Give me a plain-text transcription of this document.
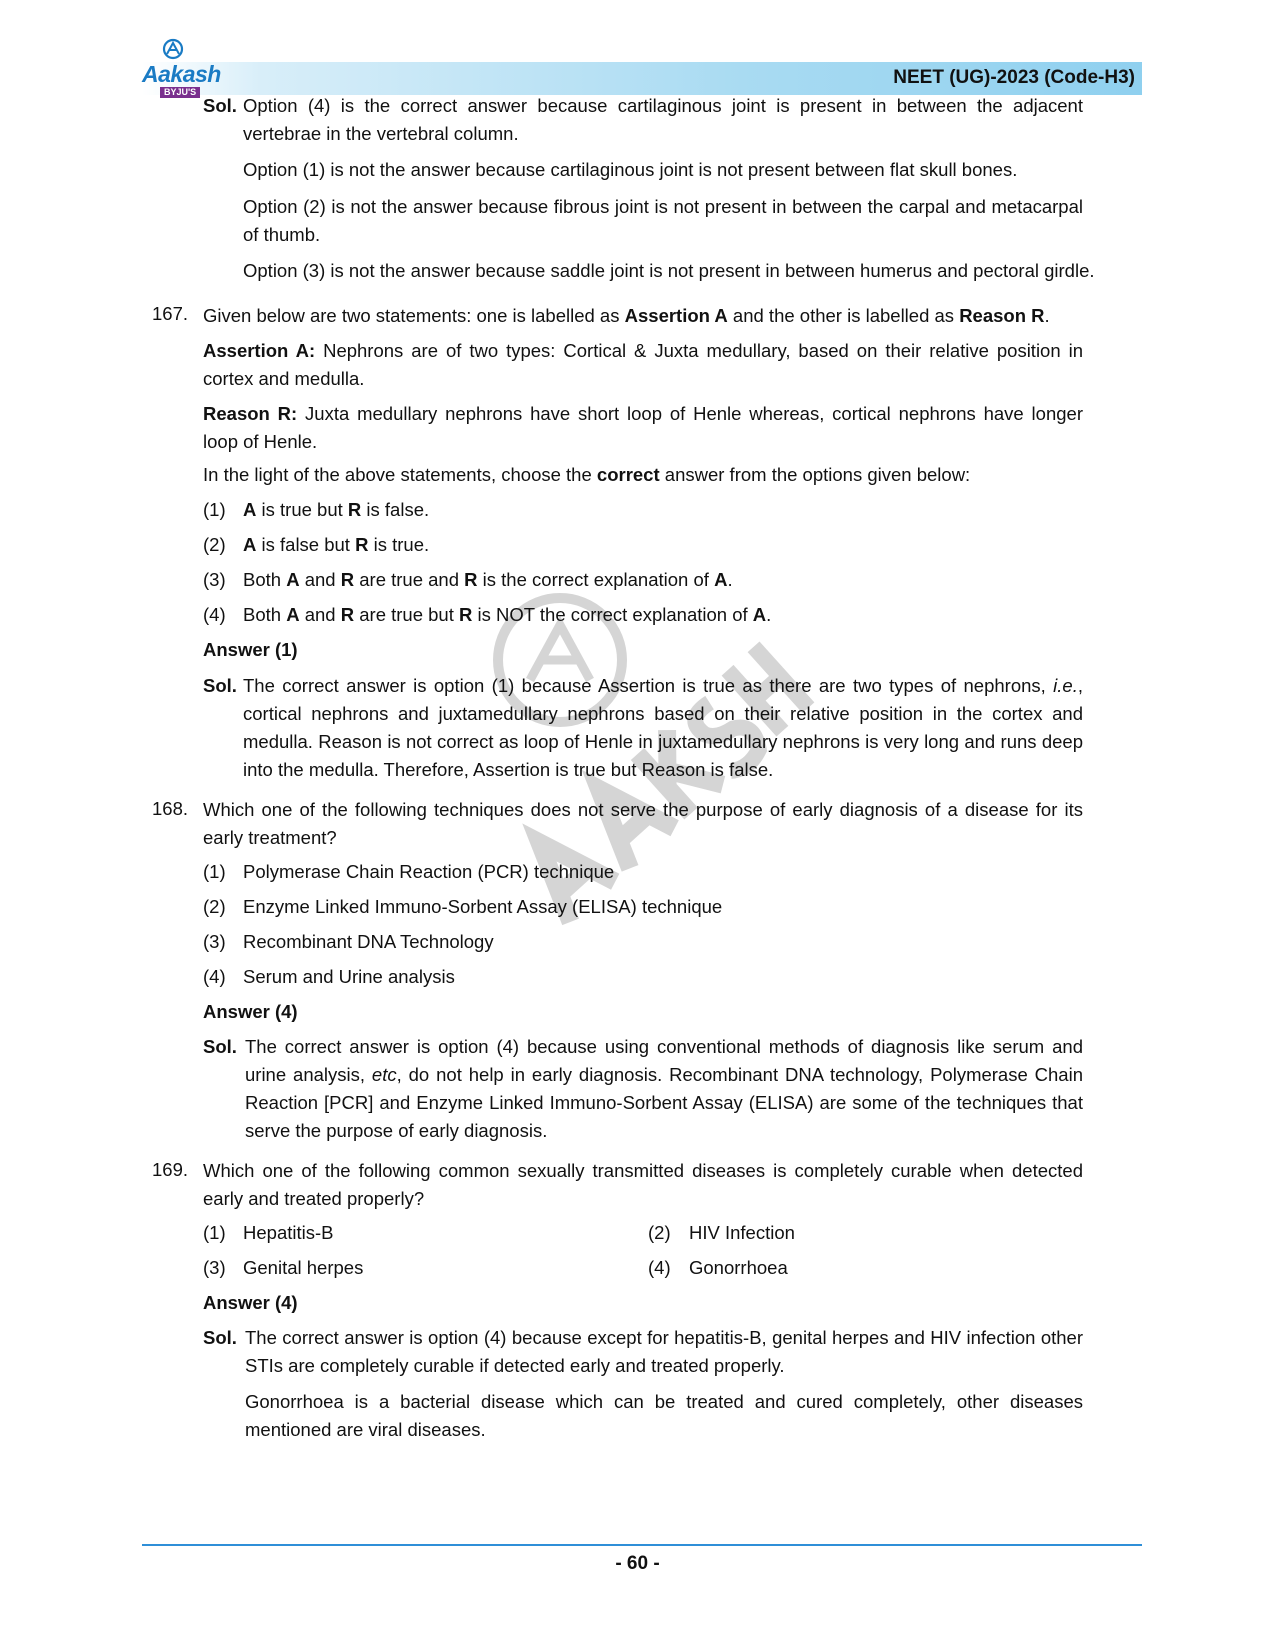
Aakash
BYJU'S
NEET (UG)-2023 (Code-H3)
Sol. Option (4) is the correct answer because cartilaginous joint is present in between the adjacent vertebrae in the vertebral column.
Option (1) is not the answer because cartilaginous joint is not present between flat skull bones.
Option (2) is not the answer because fibrous joint is not present in between the carpal and metacarpal of thumb.
Option (3) is not the answer because saddle joint is not present in between humerus and pectoral girdle.
167. Given below are two statements: one is labelled as Assertion A and the other is labelled as Reason R.
Assertion A: Nephrons are of two types: Cortical & Juxta medullary, based on their relative position in cortex and medulla.
Reason R: Juxta medullary nephrons have short loop of Henle whereas, cortical nephrons have longer loop of Henle.
In the light of the above statements, choose the correct answer from the options given below:
(1) A is true but R is false.
(2) A is false but R is true.
(3) Both A and R are true and R is the correct explanation of A.
(4) Both A and R are true but R is NOT the correct explanation of A.
Answer (1)
Sol. The correct answer is option (1) because Assertion is true as there are two types of nephrons, i.e., cortical nephrons and juxtamedullary nephrons based on their relative position in the cortex and medulla. Reason is not correct as loop of Henle in juxtamedullary nephrons is very long and runs deep into the medulla. Therefore, Assertion is true but Reason is false.
168. Which one of the following techniques does not serve the purpose of early diagnosis of a disease for its early treatment?
(1) Polymerase Chain Reaction (PCR) technique
(2) Enzyme Linked Immuno-Sorbent Assay (ELISA) technique
(3) Recombinant DNA Technology
(4) Serum and Urine analysis
Answer (4)
Sol. The correct answer is option (4) because using conventional methods of diagnosis like serum and urine analysis, etc, do not help in early diagnosis. Recombinant DNA technology, Polymerase Chain Reaction [PCR] and Enzyme Linked Immuno-Sorbent Assay (ELISA) are some of the techniques that serve the purpose of early diagnosis.
169. Which one of the following common sexually transmitted diseases is completely curable when detected early and treated properly?
(1) Hepatitis-B	(2) HIV Infection
(3) Genital herpes	(4) Gonorrhoea
Answer (4)
Sol. The correct answer is option (4) because except for hepatitis-B, genital herpes and HIV infection other STIs are completely curable if detected early and treated properly.
Gonorrhoea is a bacterial disease which can be treated and cured completely, other diseases mentioned are viral diseases.
- 60 -
